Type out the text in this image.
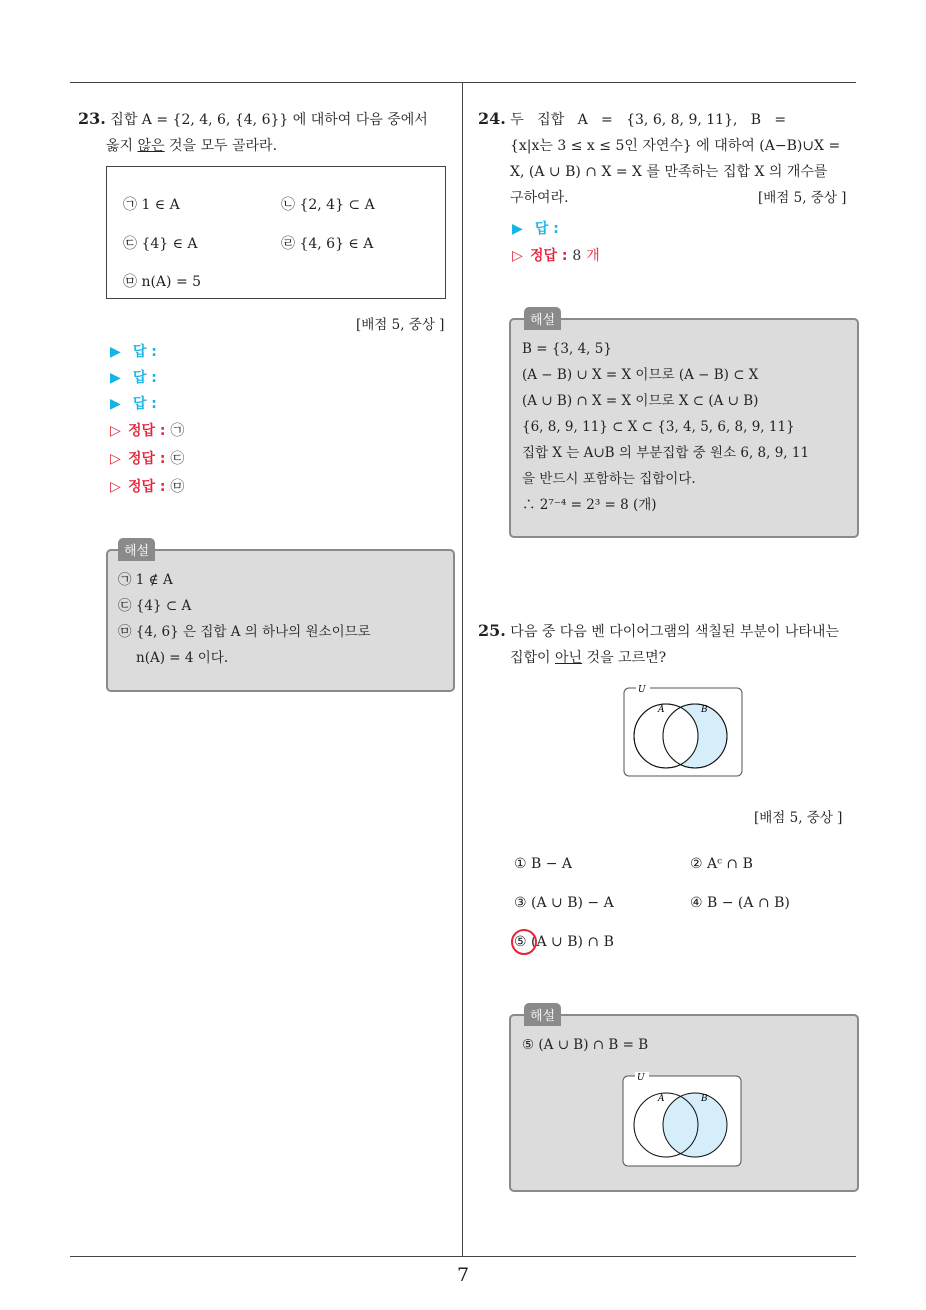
7
23. 집합 A = {2, 4, 6, {4, 6}} 에 대하여 다음 중에서
옳지 않은 것을 모두 골라라.
㉠ 1 ∈ A	㉡ {2, 4} ⊂ A
㉢ {4} ∈ A	㉣ {4, 6} ∈ A
㉤ n(A) = 5
[배점 5, 중상 ]
▶ 답 :
▶ 답 :
▶ 답 :
▷ 정답 : ㉠
▷ 정답 : ㉢
▷ 정답 : ㉤
해설
㉠ 1 ∉ A
㉢ {4} ⊂ A
㉤ {4, 6} 은 집합 A 의 하나의 원소이므로
n(A) = 4 이다.
24. 두   집합   A   =   {3, 6, 8, 9, 11},   B   =
{x|x는 3 ≤ x ≤ 5인 자연수} 에 대하여 (A−B)∪X =
X, (A ∪ B) ∩ X = X 를 만족하는 집합 X 의 개수를
구하여라.	[배점 5, 중상 ]
▶ 답 :
▷ 정답 : 8 개
해설
B = {3, 4, 5}
(A − B) ∪ X = X 이므로 (A − B) ⊂ X
(A ∪ B) ∩ X = X 이므로 X ⊂ (A ∪ B)
{6, 8, 9, 11} ⊂ X ⊂ {3, 4, 5, 6, 8, 9, 11}
집합 X 는 A∪B 의 부분집합 중 원소 6, 8, 9, 11
을 반드시 포함하는 집합이다.
∴ 2⁷⁻⁴ = 2³ = 8 (개)
25. 다음 중 다음 벤 다이어그램의 색칠된 부분이 나타내는
집합이 아닌 것을 고르면?
U
A	B
[배점 5, 중상 ]
① B − A	② Aᶜ ∩ B
③ (A ∪ B) − A	④ B − (A ∩ B)
⑤ (A ∪ B) ∩ B
해설
⑤ (A ∪ B) ∩ B = B
U
A	B
